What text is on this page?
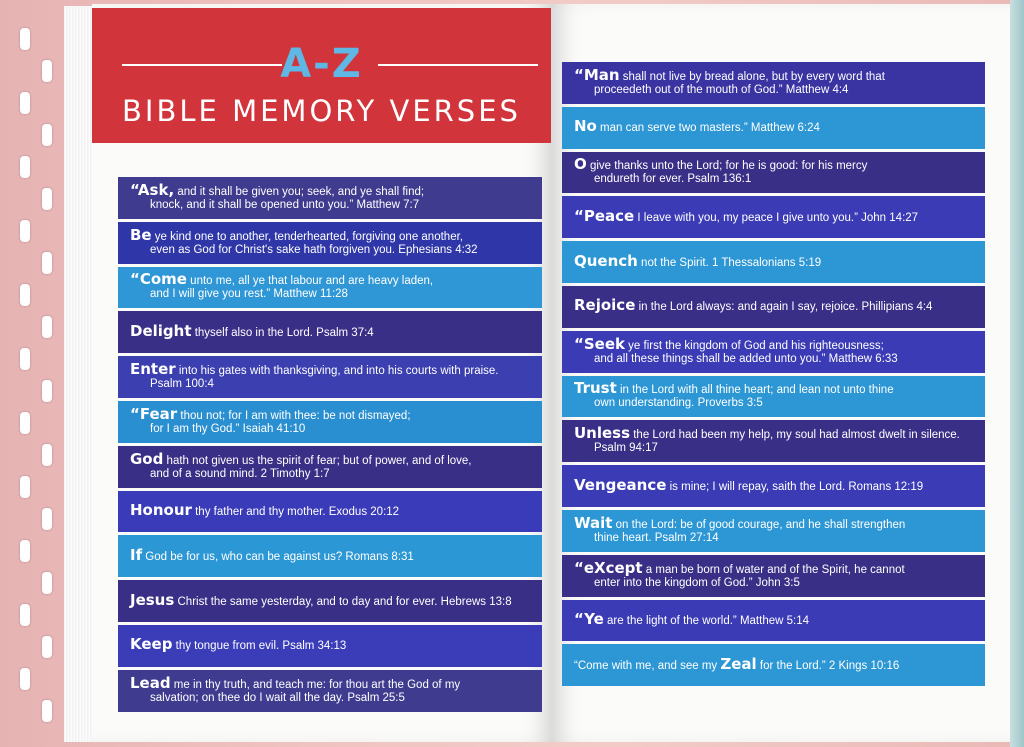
A-Z
BIBLE MEMORY VERSES
“Ask, and it shall be given you; seek, and ye shall find;
knock, and it shall be opened unto you.” Matthew 7:7
Be ye kind one to another, tenderhearted, forgiving one another,
even as God for Christ's sake hath forgiven you. Ephesians 4:32
“Come unto me, all ye that labour and are heavy laden,
and I will give you rest.” Matthew 11:28
Delight thyself also in the Lord. Psalm 37:4
Enter into his gates with thanksgiving, and into his courts with praise.
Psalm 100:4
“Fear thou not; for I am with thee: be not dismayed;
for I am thy God.” Isaiah 41:10
God hath not given us the spirit of fear; but of power, and of love,
and of a sound mind. 2 Timothy 1:7
Honour thy father and thy mother. Exodus 20:12
If God be for us, who can be against us? Romans 8:31
Jesus Christ the same yesterday, and to day and for ever. Hebrews 13:8
Keep thy tongue from evil. Psalm 34:13
Lead me in thy truth, and teach me: for thou art the God of my
salvation; on thee do I wait all the day. Psalm 25:5
“Man shall not live by bread alone, but by every word that
proceedeth out of the mouth of God.” Matthew 4:4
No man can serve two masters.” Matthew 6:24
O give thanks unto the Lord; for he is good: for his mercy
endureth for ever. Psalm 136:1
“Peace I leave with you, my peace I give unto you.” John 14:27
Quench not the Spirit. 1 Thessalonians 5:19
Rejoice in the Lord always: and again I say, rejoice. Phillipians 4:4
“Seek ye first the kingdom of God and his righteousness;
and all these things shall be added unto you.” Matthew 6:33
Trust in the Lord with all thine heart; and lean not unto thine
own understanding. Proverbs 3:5
Unless the Lord had been my help, my soul had almost dwelt in silence.
Psalm 94:17
Vengeance is mine; I will repay, saith the Lord. Romans 12:19
Wait on the Lord: be of good courage, and he shall strengthen
thine heart. Psalm 27:14
“eXcept a man be born of water and of the Spirit, he cannot
enter into the kingdom of God.” John 3:5
“Ye are the light of the world.” Matthew 5:14
“Come with me, and see my Zeal for the Lord.” 2 Kings 10:16
